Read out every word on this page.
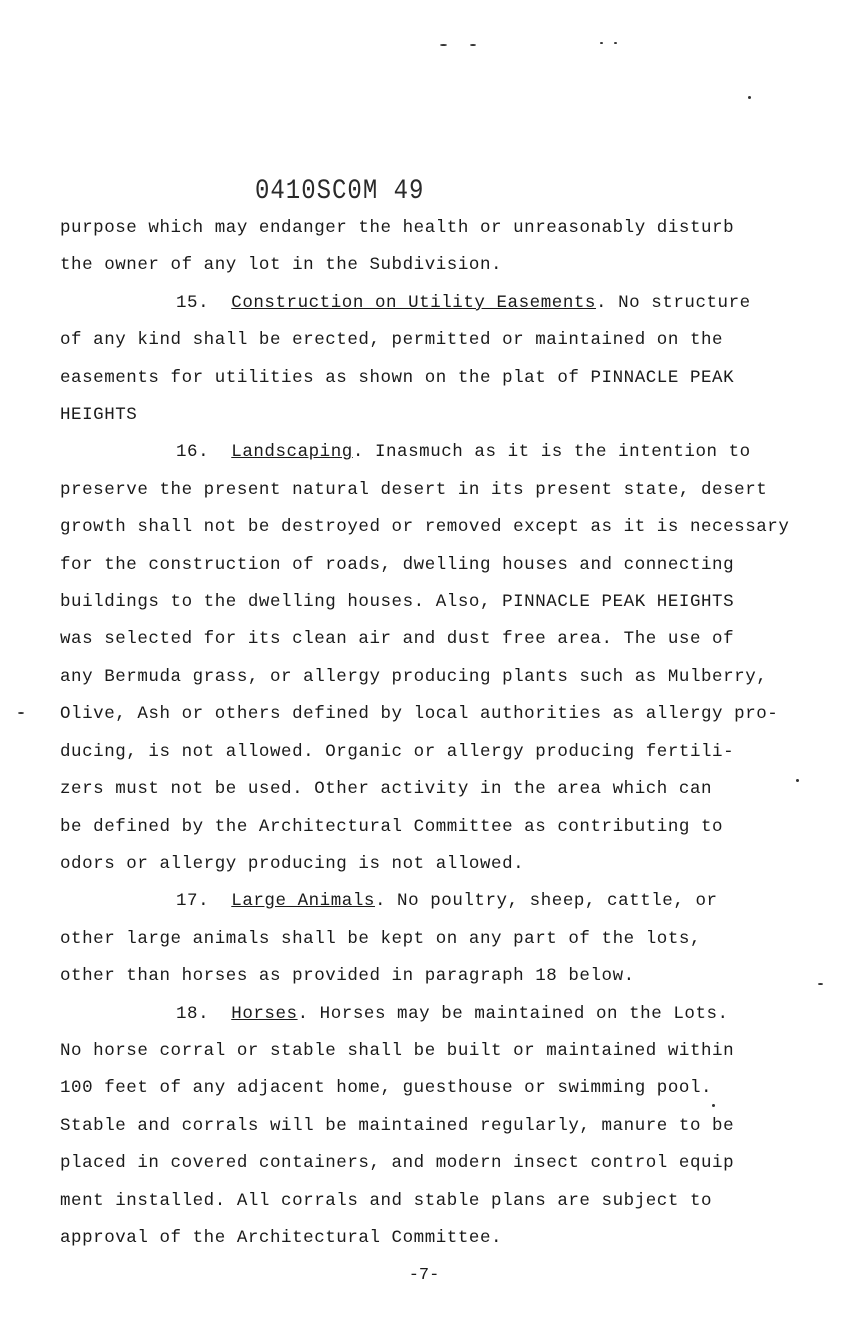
0410SC0M 49
purpose which may endanger the health or unreasonably disturb
the owner of any lot in the Subdivision.
15. Construction on Utility Easements. No structure
of any kind shall be erected, permitted or maintained on the
easements for utilities as shown on the plat of PINNACLE PEAK
HEIGHTS
16. Landscaping. Inasmuch as it is the intention to
preserve the present natural desert in its present state, desert
growth shall not be destroyed or removed except as it is necessary
for the construction of roads, dwelling houses and connecting
buildings to the dwelling houses. Also, PINNACLE PEAK HEIGHTS
was selected for its clean air and dust free area. The use of
any Bermuda grass, or allergy producing plants such as Mulberry,
Olive, Ash or others defined by local authorities as allergy pro-
ducing, is not allowed. Organic or allergy producing fertili-
zers must not be used. Other activity in the area which can
be defined by the Architectural Committee as contributing to
odors or allergy producing is not allowed.
17. Large Animals. No poultry, sheep, cattle, or
other large animals shall be kept on any part of the lots,
other than horses as provided in paragraph 18 below.
18. Horses. Horses may be maintained on the Lots.
No horse corral or stable shall be built or maintained within
100 feet of any adjacent home, guesthouse or swimming pool.
Stable and corrals will be maintained regularly, manure to be
placed in covered containers, and modern insect control equip
ment installed. All corrals and stable plans are subject to
approval of the Architectural Committee.
-7-
